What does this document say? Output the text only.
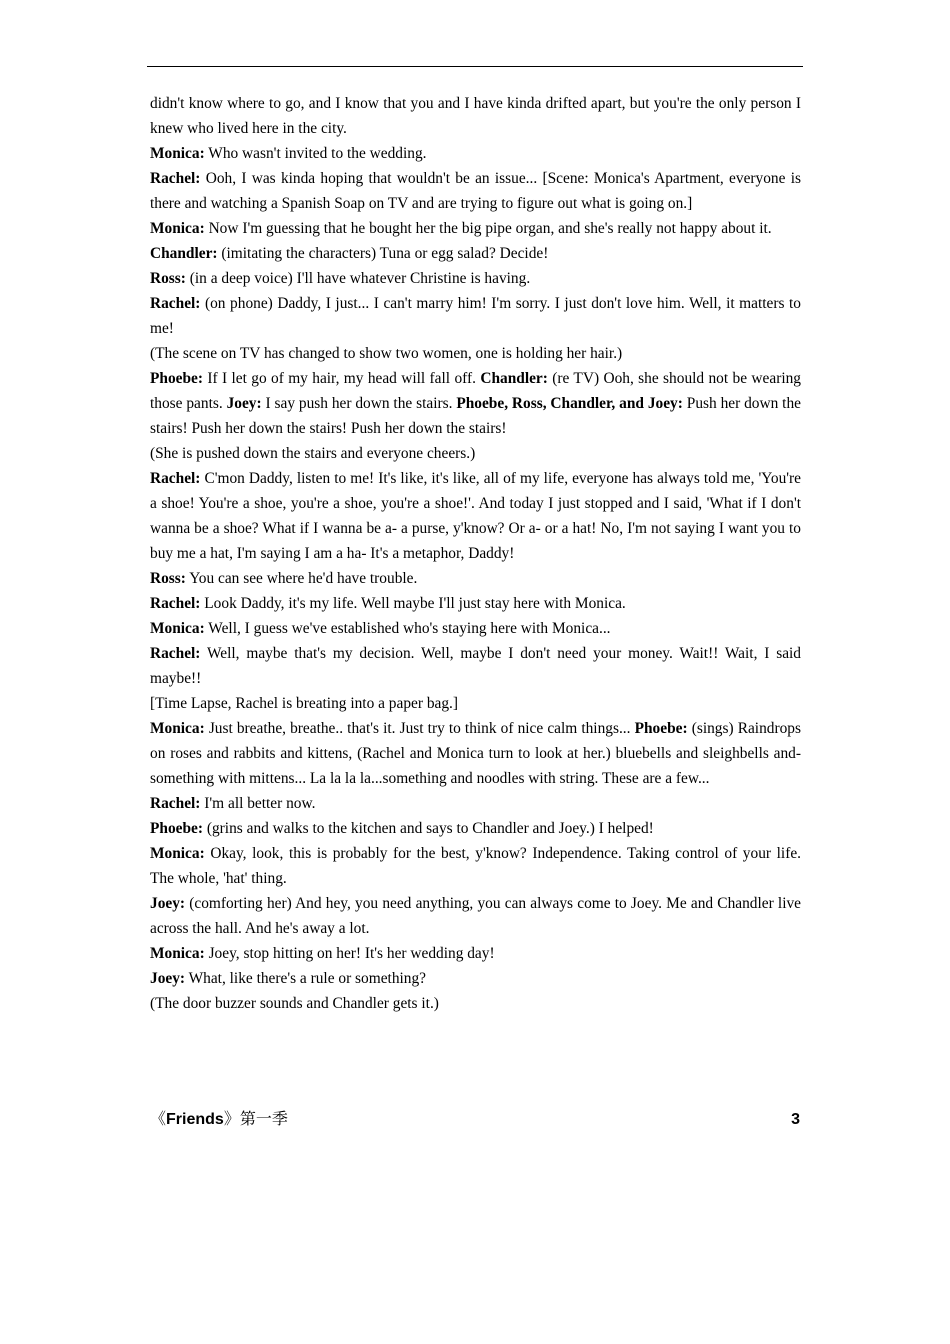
didn't know where to go, and I know that you and I have kinda drifted apart, but you're the only person I knew who lived here in the city.

Monica: Who wasn't invited to the wedding.

Rachel: Ooh, I was kinda hoping that wouldn't be an issue... [Scene: Monica's Apartment, everyone is there and watching a Spanish Soap on TV and are trying to figure out what is going on.]

Monica: Now I'm guessing that he bought her the big pipe organ, and she's really not happy about it.

Chandler: (imitating the characters) Tuna or egg salad? Decide!

Ross: (in a deep voice) I'll have whatever Christine is having.

Rachel: (on phone) Daddy, I just... I can't marry him! I'm sorry. I just don't love him. Well, it matters to me!

(The scene on TV has changed to show two women, one is holding her hair.)

Phoebe: If I let go of my hair, my head will fall off. Chandler: (re TV) Ooh, she should not be wearing those pants. Joey: I say push her down the stairs. Phoebe, Ross, Chandler, and Joey: Push her down the stairs! Push her down the stairs! Push her down the stairs!

(She is pushed down the stairs and everyone cheers.)

Rachel: C'mon Daddy, listen to me! It's like, it's like, all of my life, everyone has always told me, 'You're a shoe! You're a shoe, you're a shoe, you're a shoe!'. And today I just stopped and I said, 'What if I don't wanna be a shoe? What if I wanna be a- a purse, y'know? Or a- or a hat! No, I'm not saying I want you to buy me a hat, I'm saying I am a ha- It's a metaphor, Daddy!

Ross: You can see where he'd have trouble.

Rachel: Look Daddy, it's my life. Well maybe I'll just stay here with Monica.

Monica: Well, I guess we've established who's staying here with Monica...

Rachel: Well, maybe that's my decision. Well, maybe I don't need your money. Wait!! Wait, I said maybe!!

[Time Lapse, Rachel is breating into a paper bag.]

Monica: Just breathe, breathe.. that's it. Just try to think of nice calm things... Phoebe: (sings) Raindrops on roses and rabbits and kittens, (Rachel and Monica turn to look at her.) bluebells and sleighbells and- something with mittens... La la la la...something and noodles with string. These are a few...

Rachel: I'm all better now.

Phoebe: (grins and walks to the kitchen and says to Chandler and Joey.) I helped!

Monica: Okay, look, this is probably for the best, y'know? Independence. Taking control of your life. The whole, 'hat' thing.

Joey: (comforting her) And hey, you need anything, you can always come to Joey. Me and Chandler live across the hall. And he's away a lot.

Monica: Joey, stop hitting on her! It's her wedding day!

Joey: What, like there's a rule or something?

(The door buzzer sounds and Chandler gets it.)

《Friends》第一季	3
